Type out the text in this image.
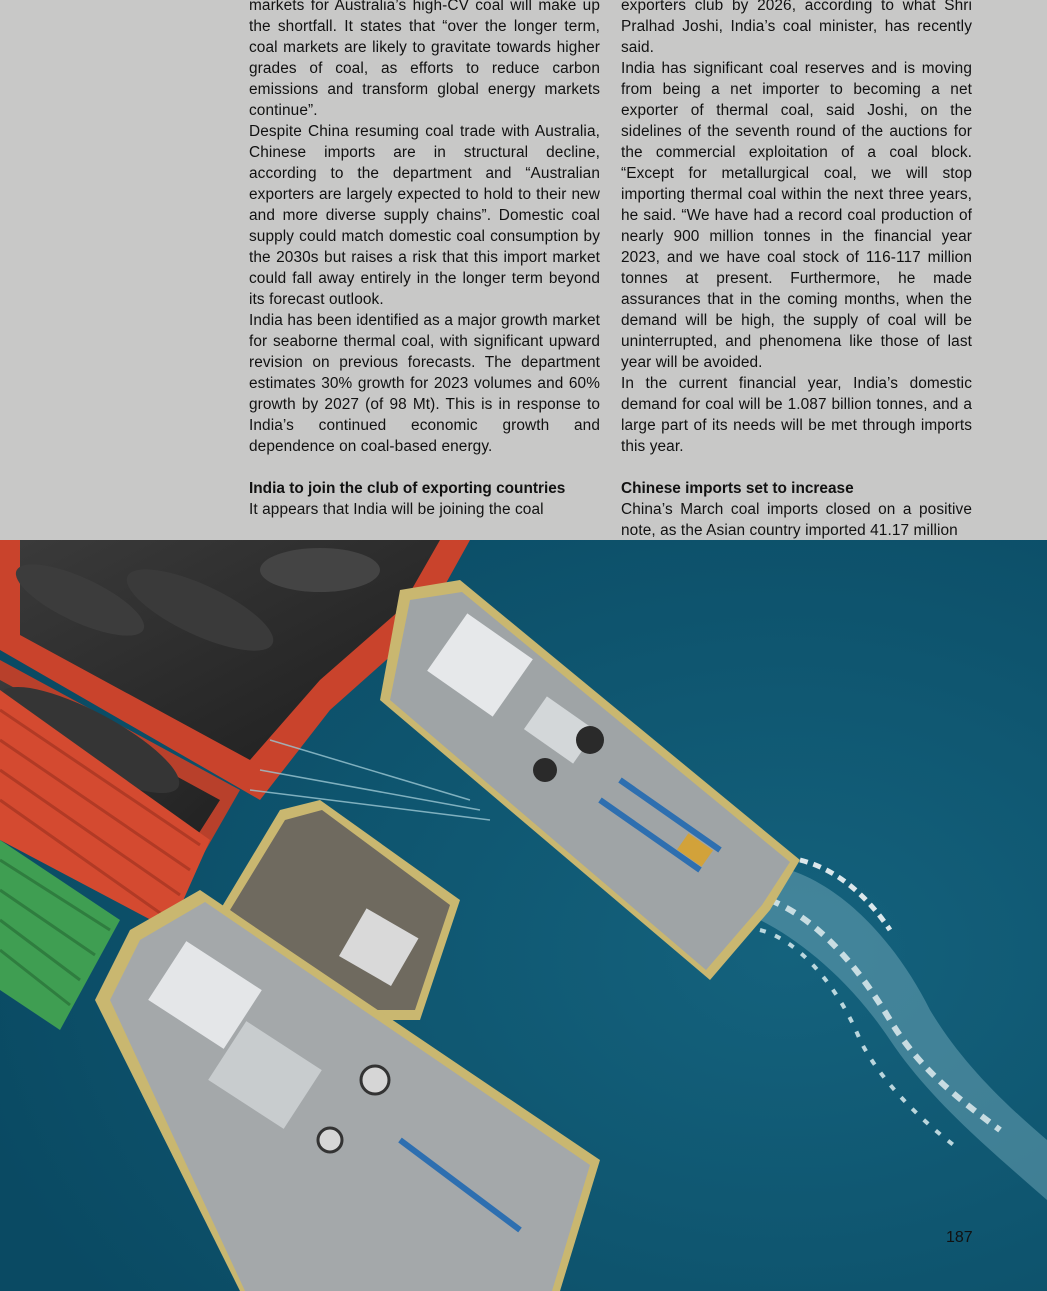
markets for Australia’s high-CV coal will make up the shortfall. It states that “over the longer term, coal markets are likely to gravitate towards higher grades of coal, as efforts to reduce carbon emissions and transform global energy markets continue”.

Despite China resuming coal trade with Australia, Chinese imports are in structural decline, according to the department and “Australian exporters are largely expected to hold to their new and more diverse supply chains”. Domestic coal supply could match domestic coal consumption by the 2030s but raises a risk that this import market could fall away entirely in the longer term beyond its forecast outlook.

India has been identified as a major growth market for seaborne thermal coal, with significant upward revision on previous forecasts. The department estimates 30% growth for 2023 volumes and 60% growth by 2027 (of 98 Mt). This is in response to India’s continued economic growth and dependence on coal-based energy.

India to join the club of exporting countries

It appears that India will be joining the coal

exporters club by 2026, according to what Shri Pralhad Joshi, India’s coal minister, has recently said.

India has significant coal reserves and is moving from being a net importer to becoming a net exporter of thermal coal, said Joshi, on the sidelines of the seventh round of the auctions for the commercial exploitation of a coal block. “Except for metallurgical coal, we will stop importing thermal coal within the next three years, he said. “We have had a record coal production of nearly 900 million tonnes in the financial year 2023, and we have coal stock of 116-117 million tonnes at present. Furthermore, he made assurances that in the coming months, when the demand will be high, the supply of coal will be uninterrupted, and phenomena like those of last year will be avoided.

In the current financial year, India’s domestic demand for coal will be 1.087 billion tonnes, and a large part of its needs will be met through imports this year.

Chinese imports set to increase

China’s March coal imports closed on a positive note, as the Asian country imported 41.17 million

187
